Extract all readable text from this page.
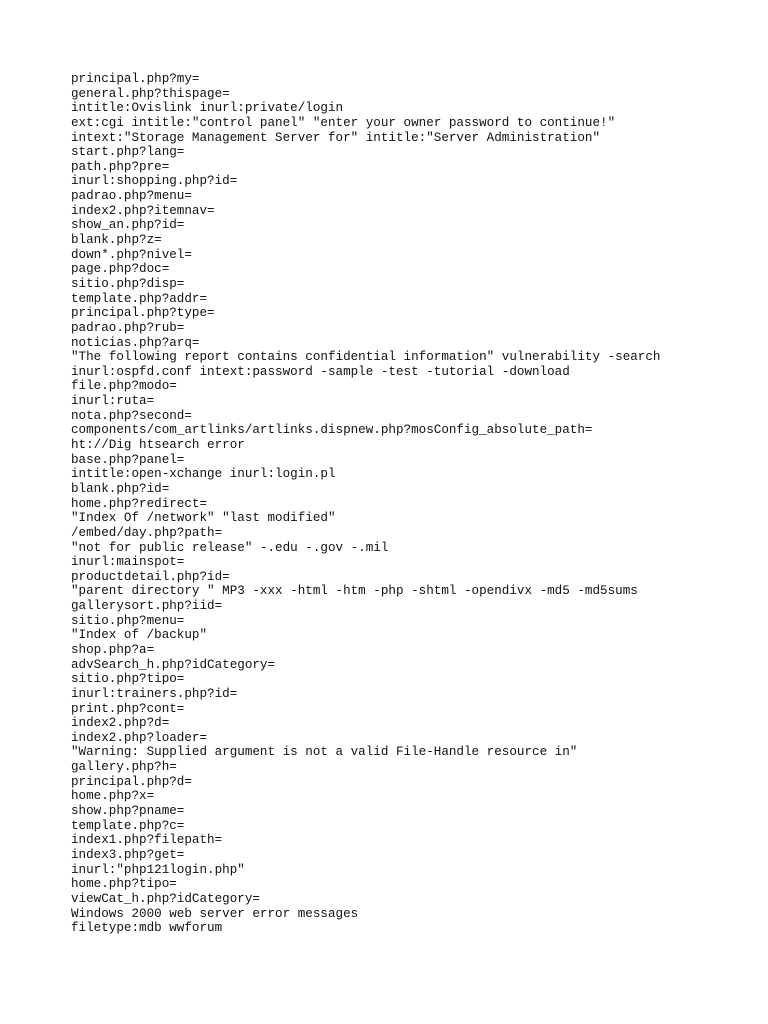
principal.php?my=
general.php?thispage=
intitle:Ovislink inurl:private/login
ext:cgi intitle:"control panel" "enter your owner password to continue!"
intext:"Storage Management Server for" intitle:"Server Administration"
start.php?lang=
path.php?pre=
inurl:shopping.php?id=
padrao.php?menu=
index2.php?itemnav=
show_an.php?id=
blank.php?z=
down*.php?nivel=
page.php?doc=
sitio.php?disp=
template.php?addr=
principal.php?type=
padrao.php?rub=
noticias.php?arq=
"The following report contains confidential information" vulnerability -search
inurl:ospfd.conf intext:password -sample -test -tutorial -download
file.php?modo=
inurl:ruta=
nota.php?second=
components/com_artlinks/artlinks.dispnew.php?mosConfig_absolute_path=
ht://Dig htsearch error
base.php?panel=
intitle:open-xchange inurl:login.pl
blank.php?id=
home.php?redirect=
"Index Of /network" "last modified"
/embed/day.php?path=
"not for public release" -.edu -.gov -.mil
inurl:mainspot=
productdetail.php?id=
"parent directory " MP3 -xxx -html -htm -php -shtml -opendivx -md5 -md5sums
gallerysort.php?iid=
sitio.php?menu=
"Index of /backup"
shop.php?a=
advSearch_h.php?idCategory=
sitio.php?tipo=
inurl:trainers.php?id=
print.php?cont=
index2.php?d=
index2.php?loader=
"Warning: Supplied argument is not a valid File-Handle resource in"
gallery.php?h=
principal.php?d=
home.php?x=
show.php?pname=
template.php?c=
index1.php?filepath=
index3.php?get=
inurl:"php121login.php"
home.php?tipo=
viewCat_h.php?idCategory=
Windows 2000 web server error messages
filetype:mdb wwforum
